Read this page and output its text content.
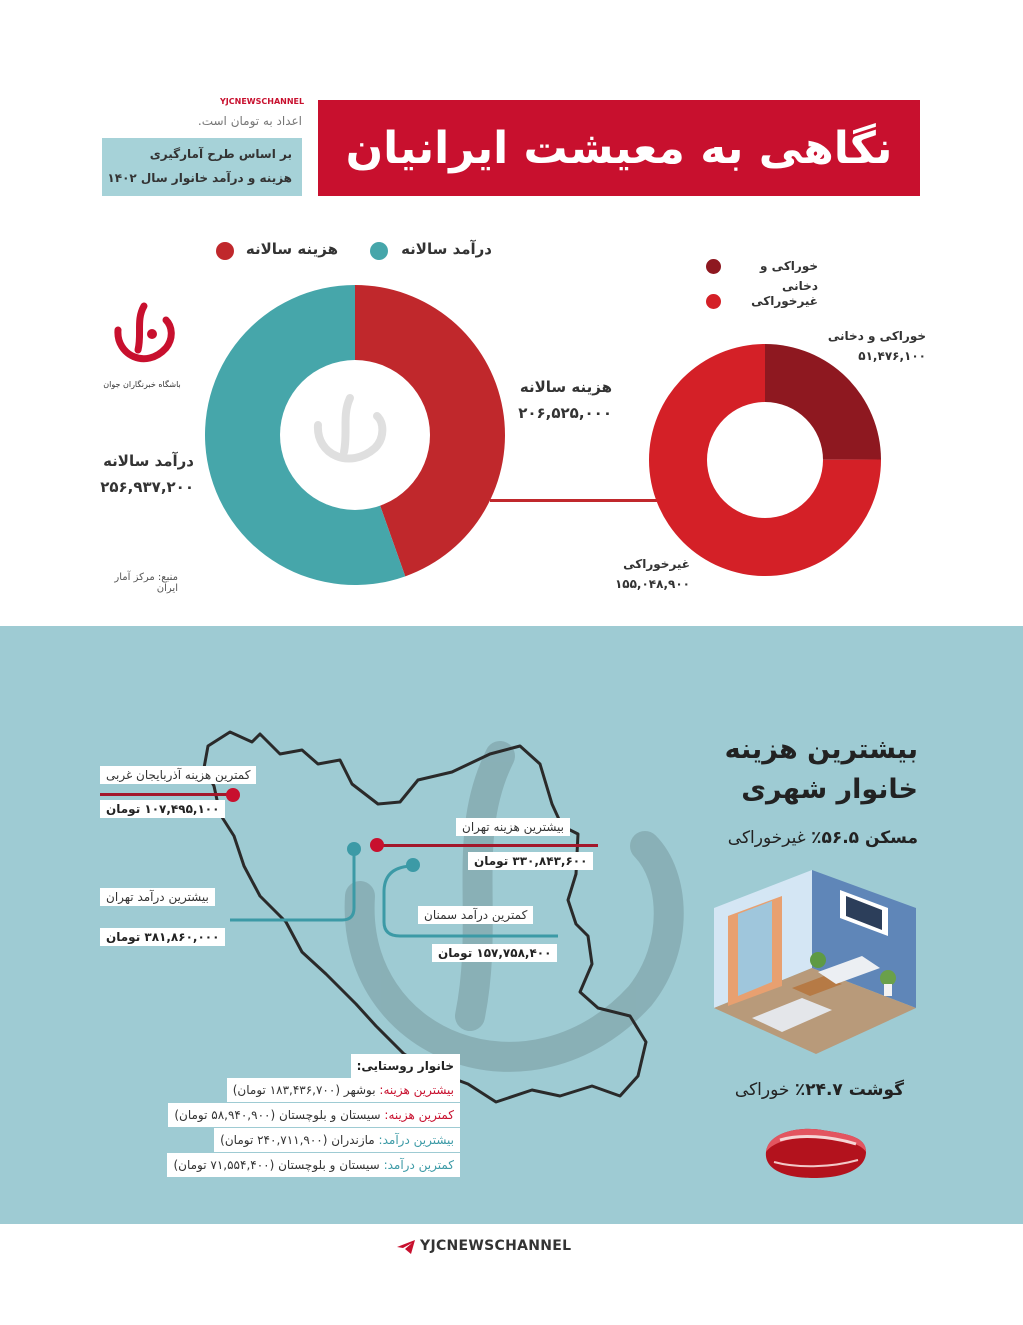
نگاهی به معیشت ایرانیان
YJCNEWSCHANNEL
اعداد به تومان است.
بر اساس طرح آمارگیری
هزینه و درآمد خانوار سال ۱۴۰۲
باشگاه خبرنگاران جوان
هزینه سالانه	درآمد سالانه
درآمد سالانه
۲۵۶,۹۳۷,۲۰۰
هزینه سالانه
۲۰۶,۵۲۵,۰۰۰
منبع: مرکز آمار ایران
خوراکی و دخانی
غیرخوراکی
خوراکی و دخانی
۵۱,۴۷۶,۱۰۰
غیرخوراکی
۱۵۵,۰۴۸,۹۰۰
نتایج کلیدی سال ۱۴۰۲
کمترین هزینه آذربایجان غربی
۱۰۷,۴۹۵,۱۰۰ تومان
بیشترین هزینه تهران
۳۳۰,۸۴۳,۶۰۰ تومان
بیشترین درآمد تهران
۳۸۱,۸۶۰,۰۰۰ تومان
کمترین درآمد سمنان
۱۵۷,۷۵۸,۴۰۰ تومان
خانوار روستایی:
بیشترین هزینه: بوشهر (۱۸۳,۴۳۶,۷۰۰ تومان)
کمترین هزینه: سیستان و بلوچستان (۵۸,۹۴۰,۹۰۰ تومان)
بیشترین درآمد: مازندران (۲۴۰,۷۱۱,۹۰۰ تومان)
کمترین درآمد: سیستان و بلوچستان (۷۱,۵۵۴,۴۰۰ تومان)
بیشترین هزینه
خانوار شهری
مسکن ۵۶.۵٪ غیرخوراکی
گوشت ۲۴.۷٪ خوراکی
YJCNEWSCHANNEL
